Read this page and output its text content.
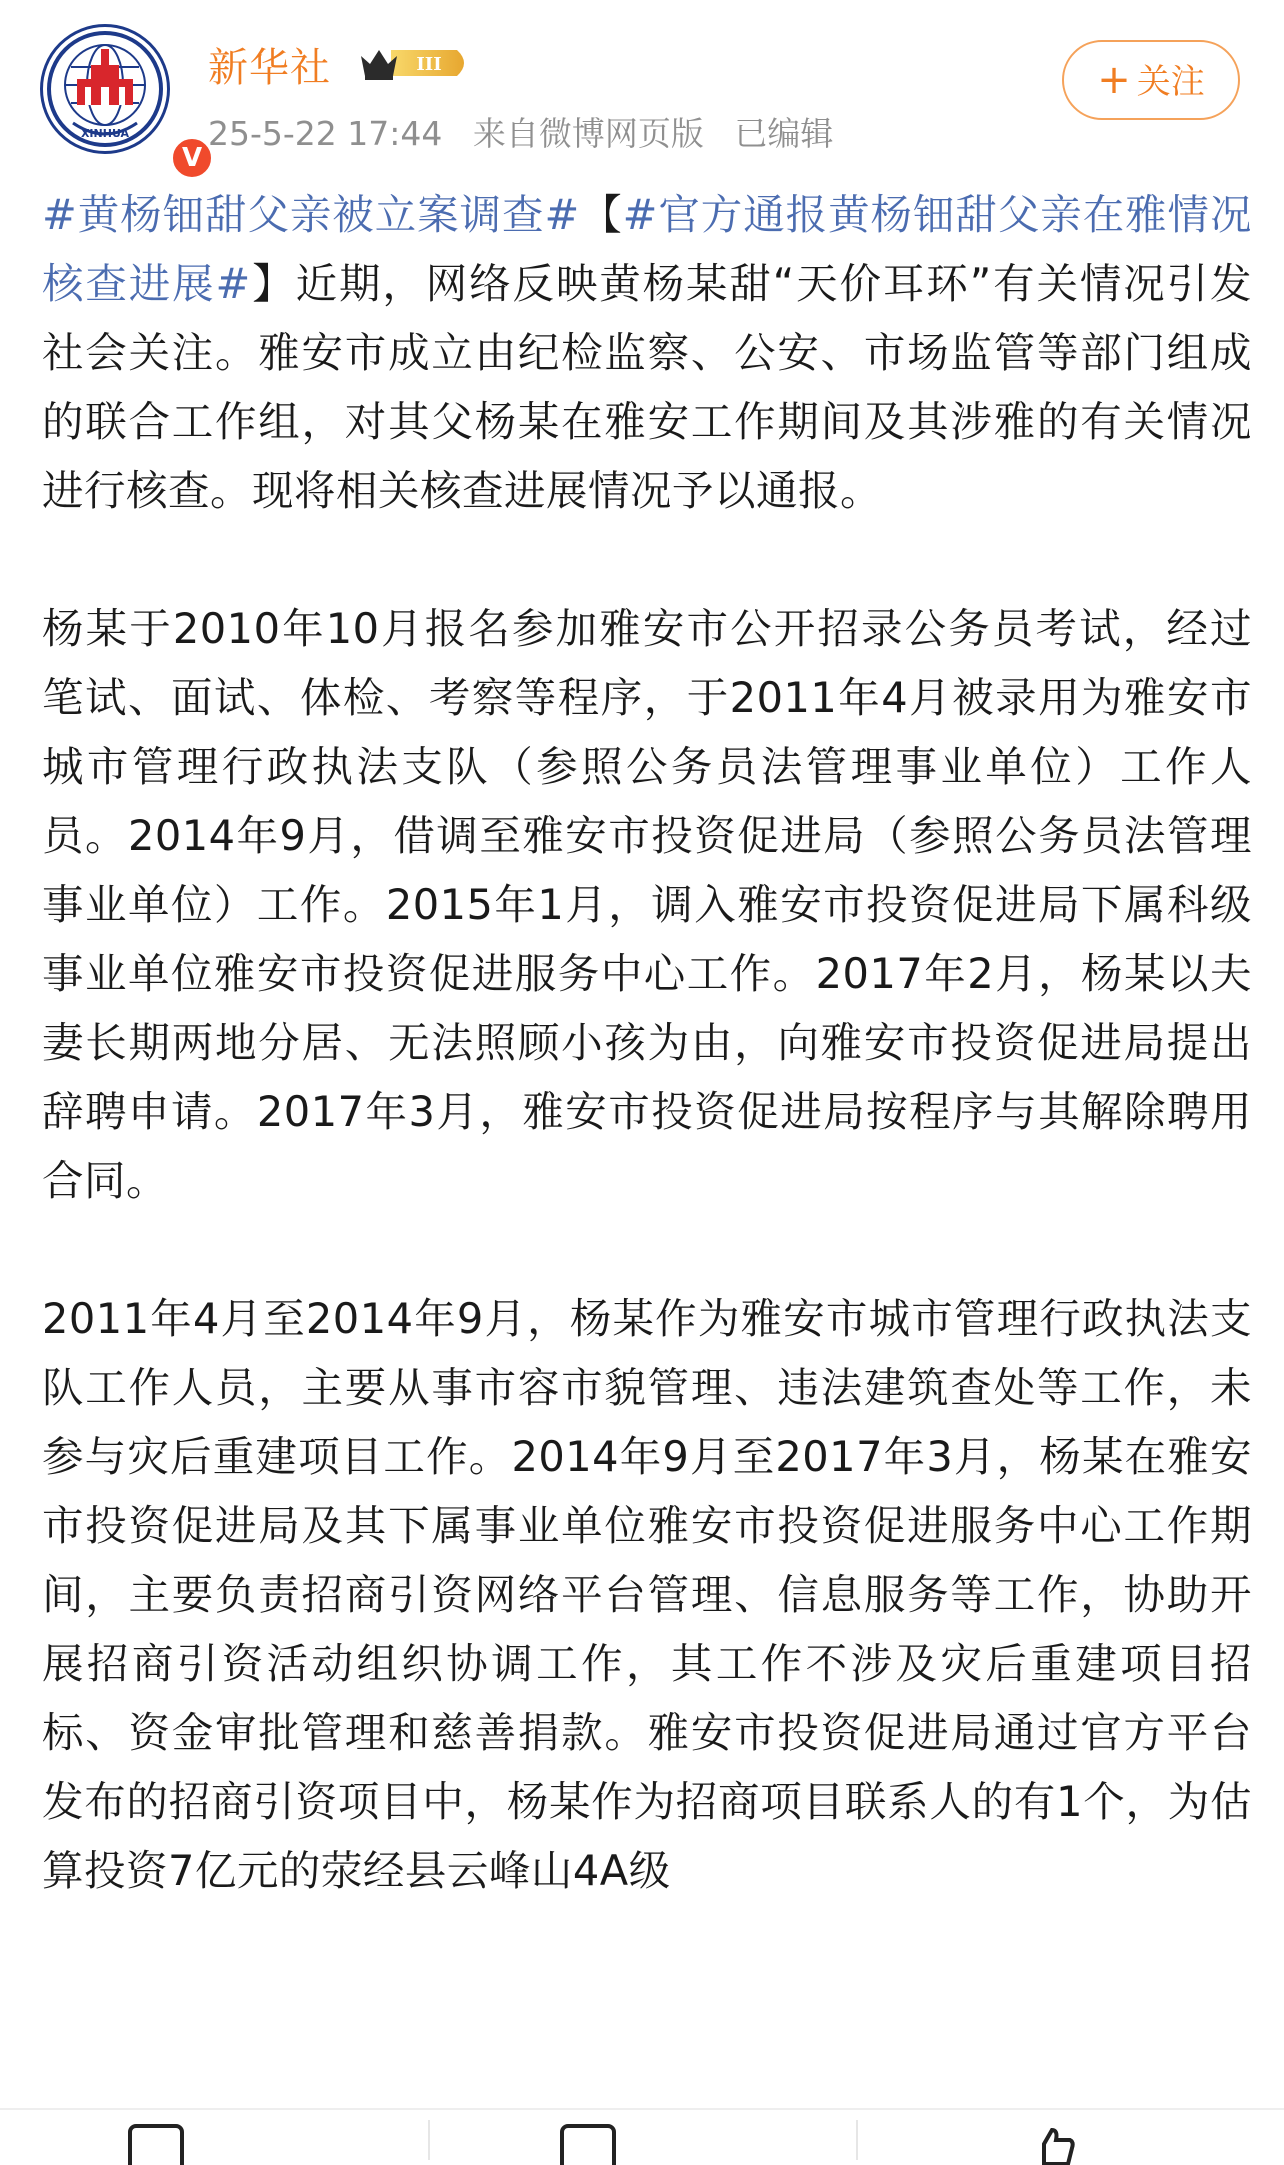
XINHUA
V
新华社	III
25-5-22 17:44 来自微博网页版 已编辑
+ 关注

#黄杨钿甜父亲被立案调查#【#官方通报黄杨钿甜父亲在雅情况核查进展#】近期，网络反映黄杨某甜“天价耳环”有关情况引发社会关注。雅安市成立由纪检监察、公安、市场监管等部门组成的联合工作组，对其父杨某在雅安工作期间及其涉雅的有关情况进行核查。现将相关核查进展情况予以通报。

杨某于2010年10月报名参加雅安市公开招录公务员考试，经过笔试、面试、体检、考察等程序，于2011年4月被录用为雅安市城市管理行政执法支队（参照公务员法管理事业单位）工作人员。2014年9月，借调至雅安市投资促进局（参照公务员法管理事业单位）工作。2015年1月，调入雅安市投资促进局下属科级事业单位雅安市投资促进服务中心工作。2017年2月，杨某以夫妻长期两地分居、无法照顾小孩为由，向雅安市投资促进局提出辞聘申请。2017年3月，雅安市投资促进局按程序与其解除聘用合同。

2011年4月至2014年9月，杨某作为雅安市城市管理行政执法支队工作人员，主要从事市容市貌管理、违法建筑查处等工作，未参与灾后重建项目工作。2014年9月至2017年3月，杨某在雅安市投资促进局及其下属事业单位雅安市投资促进服务中心工作期间，主要负责招商引资网络平台管理、信息服务等工作，协助开展招商引资活动组织协调工作，其工作不涉及灾后重建项目招标、资金审批管理和慈善捐款。雅安市投资促进局通过官方平台发布的招商引资项目中，杨某作为招商项目联系人的有1个，为估算投资7亿元的荥经县云峰山4A级
